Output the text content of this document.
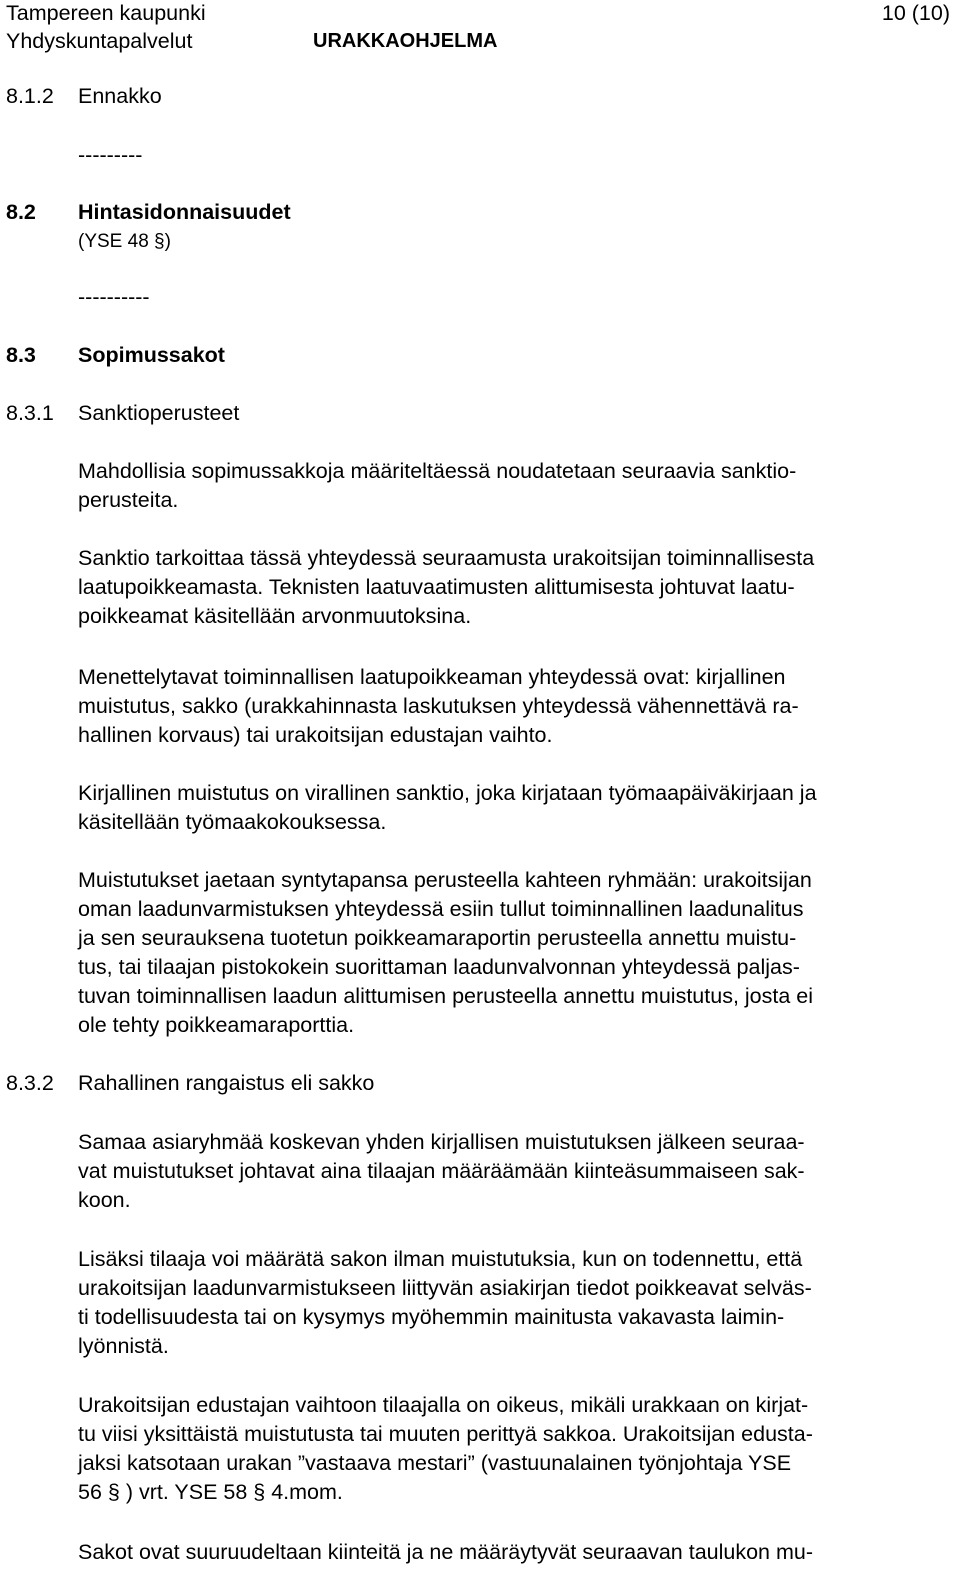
Tampereen kaupunki
Yhdyskuntapalvelut	URAKKAOHJELMA
10 (10)
8.1.2 Ennakko
---------
8.2 Hintasidonnaisuudet
(YSE 48 §)
----------
8.3 Sopimussakot
8.3.1 Sanktioperusteet
Mahdollisia sopimussakkoja määriteltäessä noudatetaan seuraavia sanktio-
perusteita.
Sanktio tarkoittaa tässä yhteydessä seuraamusta urakoitsijan toiminnallisesta
laatupoikkeamasta. Teknisten laatuvaatimusten alittumisesta johtuvat laatu-
poikkeamat käsitellään arvonmuutoksina.
Menettelytavat toiminnallisen laatupoikkeaman yhteydessä ovat: kirjallinen
muistutus, sakko (urakkahinnasta laskutuksen yhteydessä vähennettävä ra-
hallinen korvaus) tai urakoitsijan edustajan vaihto.
Kirjallinen muistutus on virallinen sanktio, joka kirjataan työmaapäiväkirjaan ja
käsitellään työmaakokouksessa.
Muistutukset jaetaan syntytapansa perusteella kahteen ryhmään: urakoitsijan
oman laadunvarmistuksen yhteydessä esiin tullut toiminnallinen laadunalitus
ja sen seurauksena tuotetun poikkeamaraportin perusteella annettu muistu-
tus, tai tilaajan pistokokein suorittaman laadunvalvonnan yhteydessä paljas-
tuvan toiminnallisen laadun alittumisen perusteella annettu muistutus, josta ei
ole tehty poikkeamaraporttia.
8.3.2 Rahallinen rangaistus eli sakko
Samaa asiaryhmää koskevan yhden kirjallisen muistutuksen jälkeen seuraa-
vat muistutukset johtavat aina tilaajan määräämään kiinteäsummaiseen sak-
koon.
Lisäksi tilaaja voi määrätä sakon ilman muistutuksia, kun on todennettu, että
urakoitsijan laadunvarmistukseen liittyvän asiakirjan tiedot poikkeavat selväs-
ti todellisuudesta tai on kysymys myöhemmin mainitusta vakavasta laimin-
lyönnistä.
Urakoitsijan edustajan vaihtoon tilaajalla on oikeus, mikäli urakkaan on kirjat-
tu viisi yksittäistä muistutusta tai muuten perittyä sakkoa. Urakoitsijan edusta-
jaksi katsotaan urakan ”vastaava mestari” (vastuunalainen työnjohtaja YSE
56 § ) vrt. YSE 58 § 4.mom.
Sakot ovat suuruudeltaan kiinteitä ja ne määräytyvät seuraavan taulukon mu-
